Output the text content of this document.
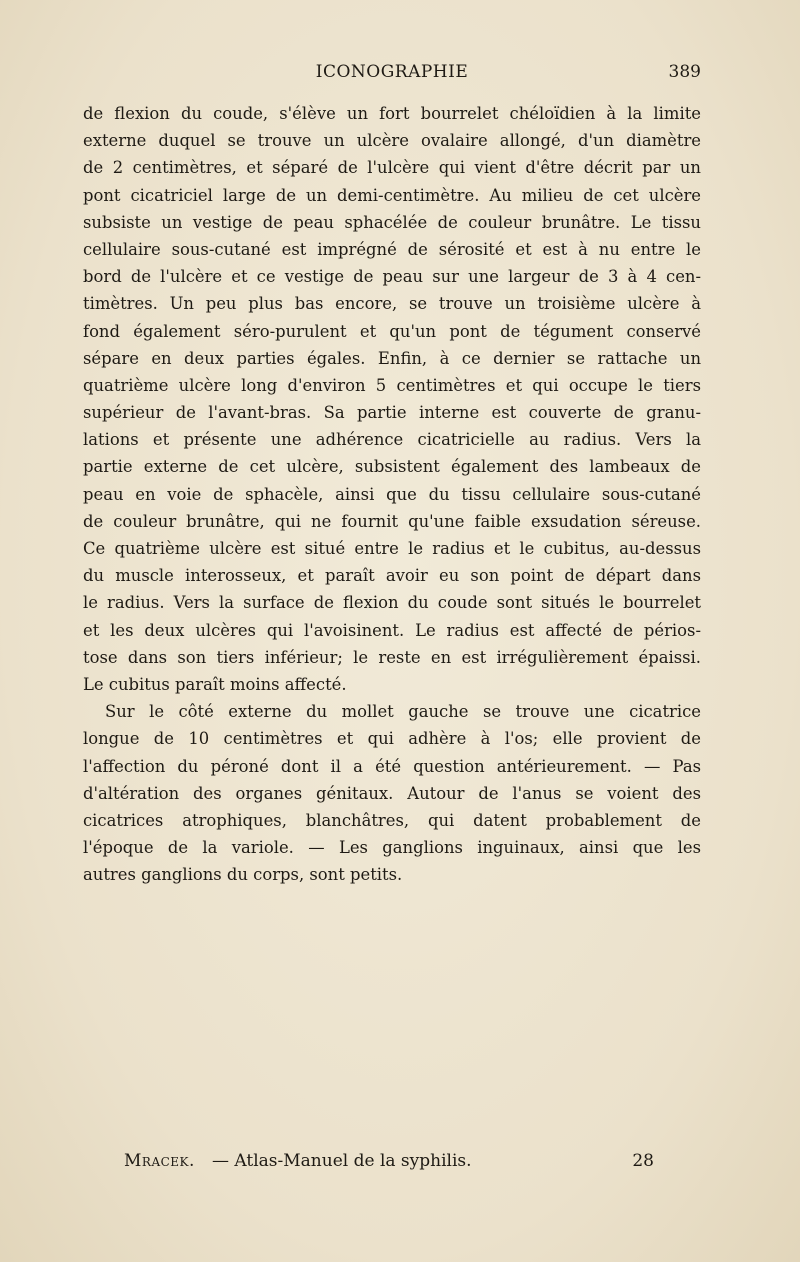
ICONOGRAPHIE	389
de flexion du coude, s'élève un fort bourrelet chéloïdien à la limite
externe duquel se trouve un ulcère ovalaire allongé, d'un diamètre
de 2 centimètres, et séparé de l'ulcère qui vient d'être décrit par un
pont cicatriciel large de un demi-centimètre. Au milieu de cet ulcère
subsiste un vestige de peau sphacélée de couleur brunâtre. Le tissu
cellulaire sous-cutané est imprégné de sérosité et est à nu entre le
bord de l'ulcère et ce vestige de peau sur une largeur de 3 à 4 cen-
timètres. Un peu plus bas encore, se trouve un troisième ulcère à
fond également séro-purulent et qu'un pont de tégument conservé
sépare en deux parties égales. Enfin, à ce dernier se rattache un
quatrième ulcère long d'environ 5 centimètres et qui occupe le tiers
supérieur de l'avant-bras. Sa partie interne est couverte de granu-
lations et présente une adhérence cicatricielle au radius. Vers la
partie externe de cet ulcère, subsistent également des lambeaux de
peau en voie de sphacèle, ainsi que du tissu cellulaire sous-cutané
de couleur brunâtre, qui ne fournit qu'une faible exsudation séreuse.
Ce quatrième ulcère est situé entre le radius et le cubitus, au-dessus
du muscle interosseux, et paraît avoir eu son point de départ dans
le radius. Vers la surface de flexion du coude sont situés le bourrelet
et les deux ulcères qui l'avoisinent. Le radius est affecté de périos-
tose dans son tiers inférieur; le reste en est irrégulièrement épaissi.
Le cubitus paraît moins affecté.
Sur le côté externe du mollet gauche se trouve une cicatrice
longue de 10 centimètres et qui adhère à l'os; elle provient de
l'affection du péroné dont il a été question antérieurement. — Pas
d'altération des organes génitaux. Autour de l'anus se voient des
cicatrices atrophiques, blanchâtres, qui datent probablement de
l'époque de la variole. — Les ganglions inguinaux, ainsi que les
autres ganglions du corps, sont petits.
Mracek. — Atlas-Manuel de la syphilis.	28
